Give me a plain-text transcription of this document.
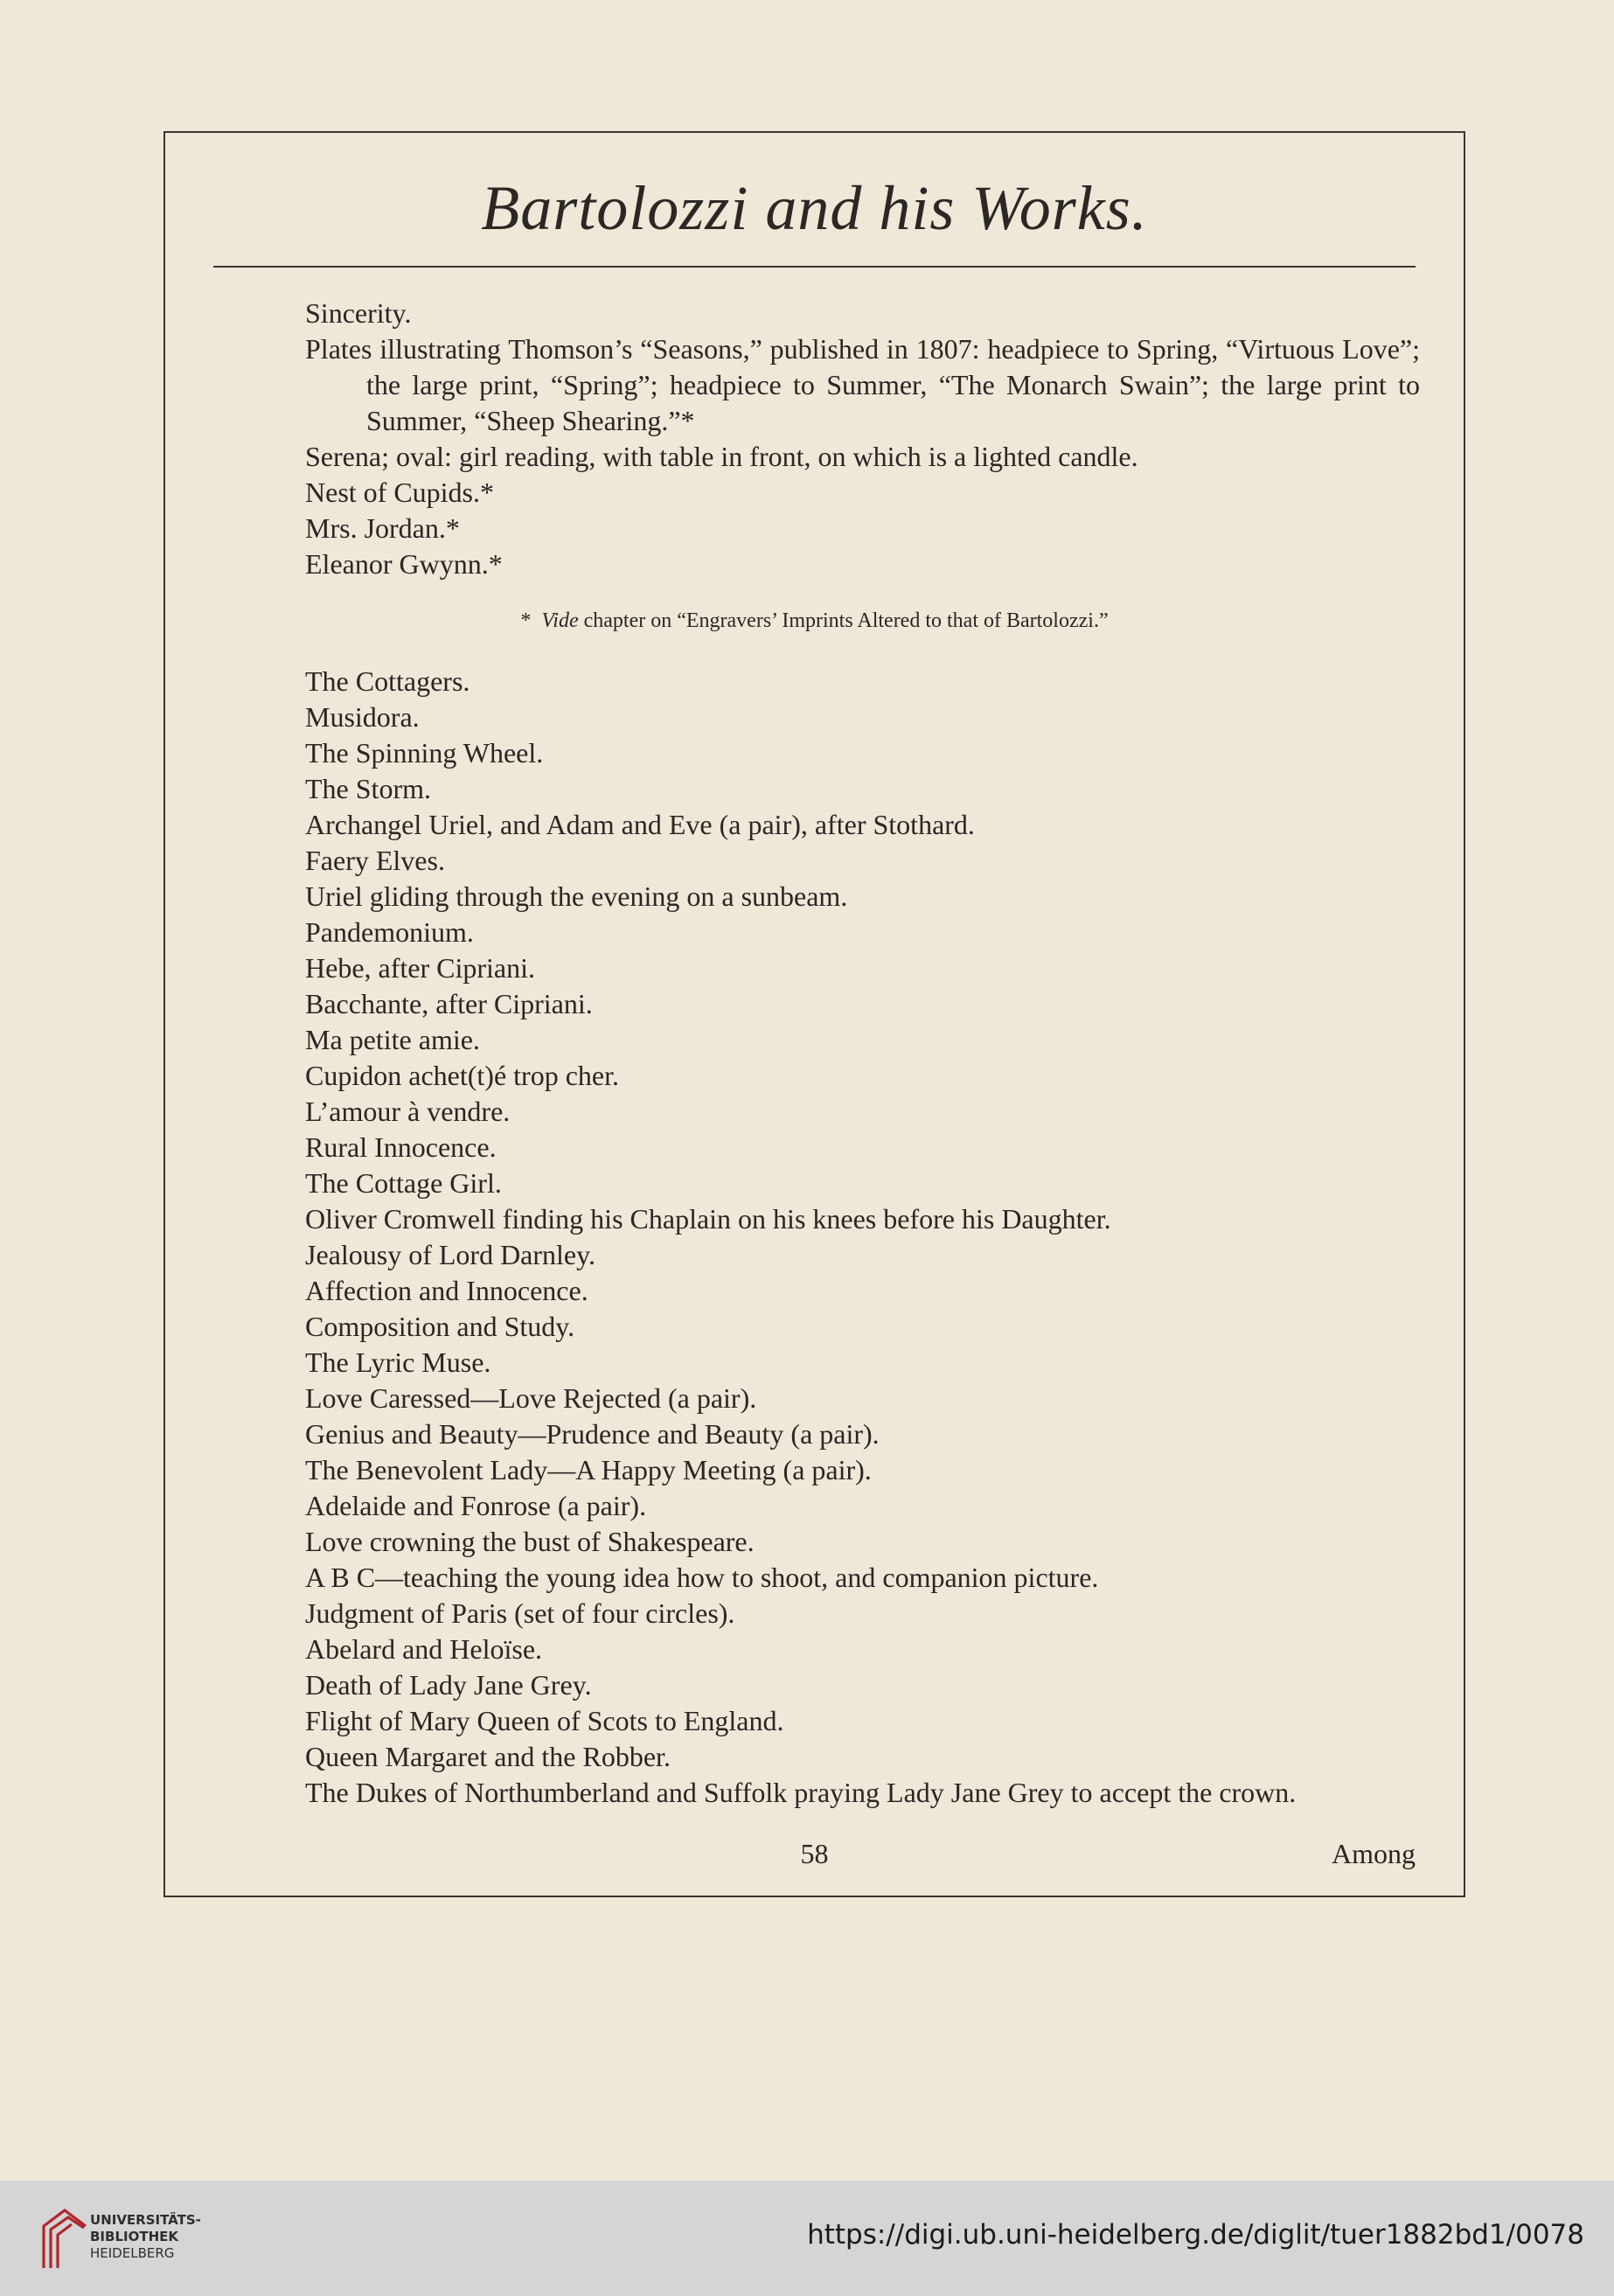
Bartolozzi and his Works.

Sincerity.

Plates illustrating Thomson’s “Seasons,” published in 1807: headpiece to Spring, “Virtuous Love”; the large print, “Spring”; headpiece to Summer, “The Monarch Swain”; the large print to Summer, “Sheep Shearing.”*

Serena; oval: girl reading, with table in front, on which is a lighted candle.

Nest of Cupids.*

Mrs. Jordan.*

Eleanor Gwynn.*

* Vide chapter on “Engravers’ Imprints Altered to that of Bartolozzi.”

The Cottagers.

Musidora.

The Spinning Wheel.

The Storm.

Archangel Uriel, and Adam and Eve (a pair), after Stothard.

Faery Elves.

Uriel gliding through the evening on a sunbeam.

Pandemonium.

Hebe, after Cipriani.

Bacchante, after Cipriani.

Ma petite amie.

Cupidon achet(t)é trop cher.

L’amour à vendre.

Rural Innocence.

The Cottage Girl.

Oliver Cromwell finding his Chaplain on his knees before his Daughter.

Jealousy of Lord Darnley.

Affection and Innocence.

Composition and Study.

The Lyric Muse.

Love Caressed—Love Rejected (a pair).

Genius and Beauty—Prudence and Beauty (a pair).

The Benevolent Lady—A Happy Meeting (a pair).

Adelaide and Fonrose (a pair).

Love crowning the bust of Shakespeare.

A B C—teaching the young idea how to shoot, and companion picture.

Judgment of Paris (set of four circles).

Abelard and Heloïse.

Death of Lady Jane Grey.

Flight of Mary Queen of Scots to England.

Queen Margaret and the Robber.

The Dukes of Northumberland and Suffolk praying Lady Jane Grey to accept the crown.

58	Among
UNIVERSITÄTS-
BIBLIOTHEK
HEIDELBERG
https://digi.ub.uni-heidelberg.de/diglit/tuer1882bd1/0078
